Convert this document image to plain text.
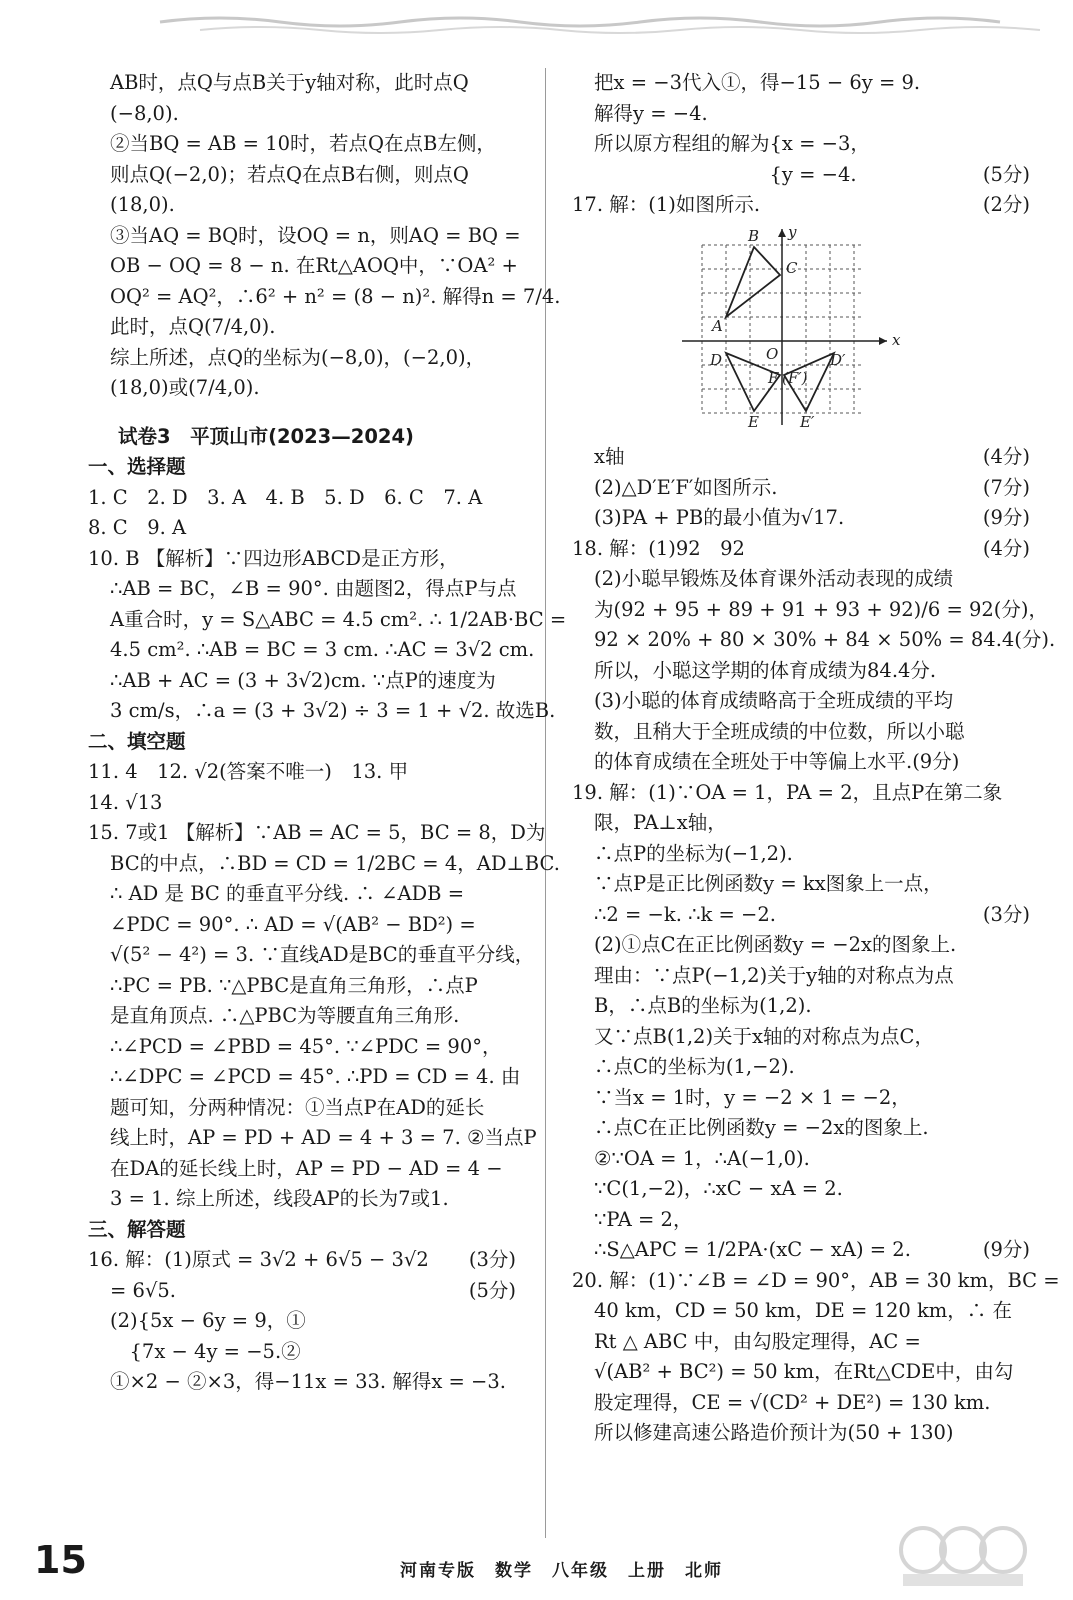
AB时，点Q与点B关于y轴对称，此时点Q
(−8,0).
②当BQ = AB = 10时，若点Q在点B左侧，
则点Q(−2,0)；若点Q在点B右侧，则点Q
(18,0).
③当AQ = BQ时，设OQ = n，则AQ = BQ =
OB − OQ = 8 − n. 在Rt△AOQ中，∵OA² +
OQ² = AQ²，∴6² + n² = (8 − n)². 解得n = 7/4.
此时，点Q(7/4,0).
综上所述，点Q的坐标为(−8,0)，(−2,0)，
(18,0)或(7/4,0).
试卷3　平顶山市(2023—2024)
一、选择题
1. C　2. D　3. A　4. B　5. D　6. C　7. A
8. C　9. A
10. B 【解析】∵四边形ABCD是正方形，
∴AB = BC，∠B = 90°. 由题图2，得点P与点
A重合时，y = S△ABC = 4.5 cm². ∴ 1/2AB·BC =
4.5 cm². ∴AB = BC = 3 cm. ∴AC = 3√2 cm.
∴AB + AC = (3 + 3√2)cm. ∵点P的速度为
3 cm/s，∴a = (3 + 3√2) ÷ 3 = 1 + √2. 故选B.
二、填空题
11. 4　12. √2(答案不唯一)　13. 甲
14. √13
15. 7或1 【解析】∵AB = AC = 5，BC = 8，D为
BC的中点，∴BD = CD = 1/2BC = 4，AD⊥BC.
∴ AD 是 BC 的垂直平分线. ∴ ∠ADB =
∠PDC = 90°. ∴ AD = √(AB² − BD²) =
√(5² − 4²) = 3. ∵直线AD是BC的垂直平分线，
∴PC = PB. ∵△PBC是直角三角形，∴点P
是直角顶点. ∴△PBC为等腰直角三角形.
∴∠PCD = ∠PBD = 45°. ∵∠PDC = 90°，
∴∠DPC = ∠PCD = 45°. ∴PD = CD = 4. 由
题可知，分两种情况：①当点P在AD的延长
线上时，AP = PD + AD = 4 + 3 = 7. ②当点P
在DA的延长线上时，AP = PD − AD = 4 −
3 = 1. 综上所述，线段AP的长为7或1.
三、解答题
16. 解：(1)原式 = 3√2 + 6√5 − 3√2 (3分)
= 6√5.	(5分)
(2){5x − 6y = 9，①
　{7x − 4y = −5.②
①×2 − ②×3，得−11x = 33. 解得x = −3.
把x = −3代入①，得−15 − 6y = 9.
解得y = −4.
所以原方程组的解为{x = −3，
　　　　　　　　　{y = −4.	(5分)
17. 解：(1)如图所示.	(2分)
B
C
A
D	O	D′
F (F′)
E	E′
x
y
x轴	(4分)
(2)△D′E′F′如图所示.	(7分)
(3)PA + PB的最小值为√17.	(9分)
18. 解：(1)92　92	(4分)
(2)小聪早锻炼及体育课外活动表现的成绩
为(92 + 95 + 89 + 91 + 93 + 92)/6 = 92(分)，
92 × 20% + 80 × 30% + 84 × 50% = 84.4(分).
所以，小聪这学期的体育成绩为84.4分.
(3)小聪的体育成绩略高于全班成绩的平均
数，且稍大于全班成绩的中位数，所以小聪
的体育成绩在全班处于中等偏上水平.(9分)
19. 解：(1)∵OA = 1，PA = 2，且点P在第二象
限，PA⊥x轴，
∴点P的坐标为(−1,2).
∵点P是正比例函数y = kx图象上一点，
∴2 = −k. ∴k = −2.	(3分)
(2)①点C在正比例函数y = −2x的图象上.
理由：∵点P(−1,2)关于y轴的对称点为点
B，∴点B的坐标为(1,2).
又∵点B(1,2)关于x轴的对称点为点C，
∴点C的坐标为(1,−2).
∵当x = 1时，y = −2 × 1 = −2，
∴点C在正比例函数y = −2x的图象上.
②∵OA = 1，∴A(−1,0).
∵C(1,−2)，∴xC − xA = 2.
∵PA = 2，
∴S△APC = 1/2PA·(xC − xA) = 2.	(9分)
20. 解：(1)∵∠B = ∠D = 90°，AB = 30 km，BC =
40 km，CD = 50 km，DE = 120 km，∴ 在
Rt △ ABC 中，由勾股定理得，AC =
√(AB² + BC²) = 50 km，在Rt△CDE中，由勾
股定理得，CE = √(CD² + DE²) = 130 km.
所以修建高速公路造价预计为(50 + 130)
15	河南专版　数学　八年级　上册　北师
